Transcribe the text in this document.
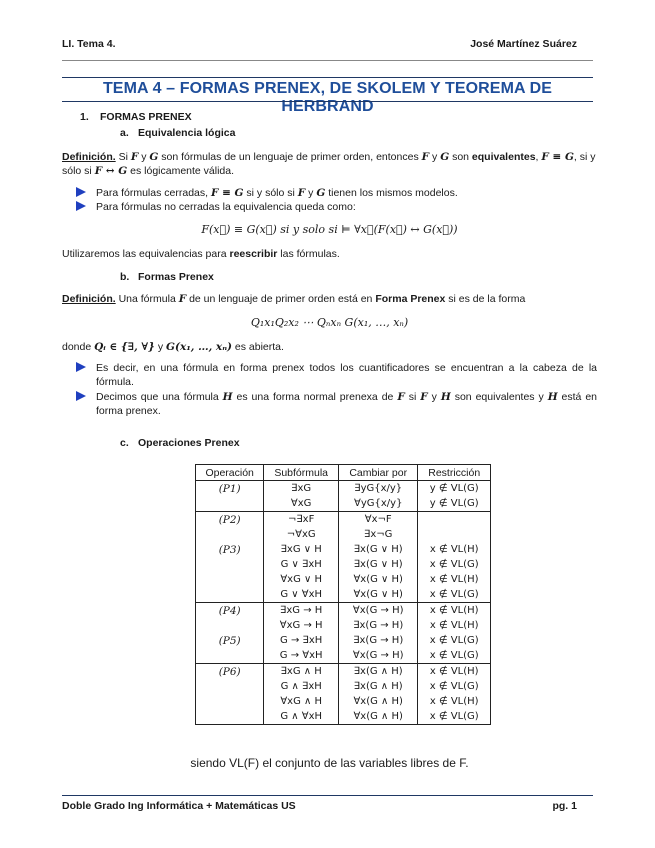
LI. Tema 4.	José Martínez Suárez
TEMA 4 – FORMAS PRENEX, DE SKOLEM Y TEOREMA DE HERBRAND
1. FORMAS PRENEX
a. Equivalencia lógica

Definición. Si F y G son fórmulas de un lenguaje de primer orden, entonces F y G son equivalentes, F ≡ G, si y sólo si F ↔ G es lógicamente válida.

Para fórmulas cerradas, F ≡ G si y sólo si F y G tienen los mismos modelos.
Para fórmulas no cerradas la equivalencia queda como:

F(x⃗) ≡ G(x⃗) si y solo si ⊨ ∀x⃗(F(x⃗) ↔ G(x⃗))

Utilizaremos las equivalencias para reescribir las fórmulas.

b. Formas Prenex

Definición. Una fórmula F de un lenguaje de primer orden está en Forma Prenex si es de la forma

Q₁x₁Q₂x₂ ⋯ Qₙxₙ G(x₁, …, xₙ)

donde Qᵢ ∈ {∃, ∀} y G(x₁, …, xₙ) es abierta.

Es decir, en una fórmula en forma prenex todos los cuantificadores se encuentran a la cabeza de la fórmula.
Decimos que una fórmula H es una forma normal prenexa de F si F y H son equivalentes y H está en forma prenex.
c. Operaciones Prenex
Operación	Subfórmula	Cambiar por	Restricción
(P1)	∃xG	∃yG{x/y}	y ∉ VL(G)
	∀xG	∀yG{x/y}	y ∉ VL(G)
(P2)	¬∃xF	∀x¬F	
	¬∀xG	∃x¬G	
(P3)	∃xG ∨ H	∃x(G ∨ H)	x ∉ VL(H)
	G ∨ ∃xH	∃x(G ∨ H)	x ∉ VL(G)
	∀xG ∨ H	∀x(G ∨ H)	x ∉ VL(H)
	G ∨ ∀xH	∀x(G ∨ H)	x ∉ VL(G)
(P4)	∃xG → H	∀x(G → H)	x ∉ VL(H)
	∀xG → H	∃x(G → H)	x ∉ VL(H)
(P5)	G → ∃xH	∃x(G → H)	x ∉ VL(G)
	G → ∀xH	∀x(G → H)	x ∉ VL(G)
(P6)	∃xG ∧ H	∃x(G ∧ H)	x ∉ VL(H)
	G ∧ ∃xH	∃x(G ∧ H)	x ∉ VL(G)
	∀xG ∧ H	∀x(G ∧ H)	x ∉ VL(H)
	G ∧ ∀xH	∀x(G ∧ H)	x ∉ VL(G)
siendo VL(F) el conjunto de las variables libres de F.
Doble Grado Ing Informática + Matemáticas US	pg. 1
